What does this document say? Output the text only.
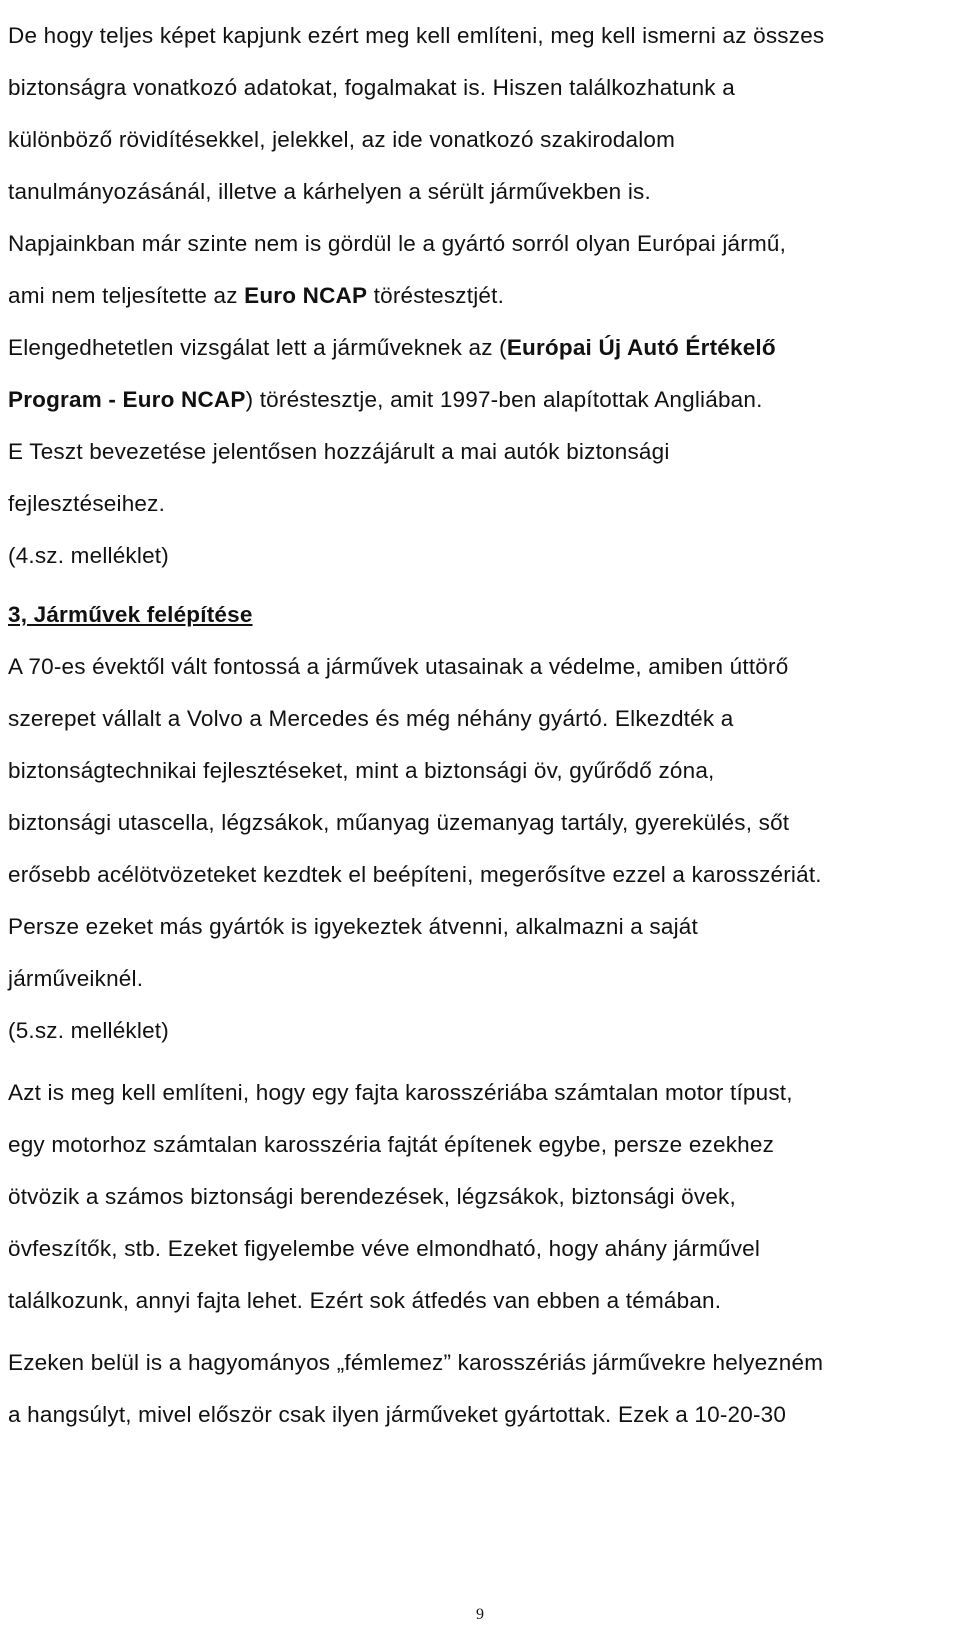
De hogy teljes képet kapjunk ezért meg kell említeni, meg kell ismerni az összes
biztonságra vonatkozó adatokat, fogalmakat is. Hiszen találkozhatunk a
különböző rövidítésekkel, jelekkel, az ide vonatkozó szakirodalom
tanulmányozásánál, illetve a kárhelyen a sérült járművekben is.
Napjainkban már szinte nem is gördül le a gyártó sorról olyan Európai jármű,
ami nem teljesítette az Euro NCAP töréstesztjét.
Elengedhetetlen vizsgálat lett a járműveknek az (Európai Új Autó Értékelő
Program - Euro NCAP) töréstesztje, amit 1997-ben alapítottak Angliában.
E Teszt bevezetése jelentősen hozzájárult a mai autók biztonsági
fejlesztéseihez.
(4.sz. melléklet)
3, Járművek felépítése
A 70-es évektől vált fontossá a járművek utasainak a védelme, amiben úttörő
szerepet vállalt a Volvo a Mercedes és még néhány gyártó. Elkezdték a
biztonságtechnikai fejlesztéseket, mint a biztonsági öv, gyűrődő zóna,
biztonsági utascella, légzsákok, műanyag üzemanyag tartály, gyerekülés, sőt
erősebb acélötvözeteket kezdtek el beépíteni, megerősítve ezzel a karosszériát.
Persze ezeket más gyártók is igyekeztek átvenni, alkalmazni a saját
járműveiknél.
(5.sz. melléklet)
Azt is meg kell említeni, hogy egy fajta karosszériába számtalan motor típust,
egy motorhoz számtalan karosszéria fajtát építenek egybe, persze ezekhez
ötvözik a számos biztonsági berendezések, légzsákok, biztonsági övek,
övfeszítők, stb. Ezeket figyelembe véve elmondható, hogy ahány járművel
találkozunk, annyi fajta lehet. Ezért sok átfedés van ebben a témában.
Ezeken belül is a hagyományos „fémlemez” karosszériás járművekre helyezném
a hangsúlyt, mivel először csak ilyen járműveket gyártottak. Ezek a 10-20-30
9
